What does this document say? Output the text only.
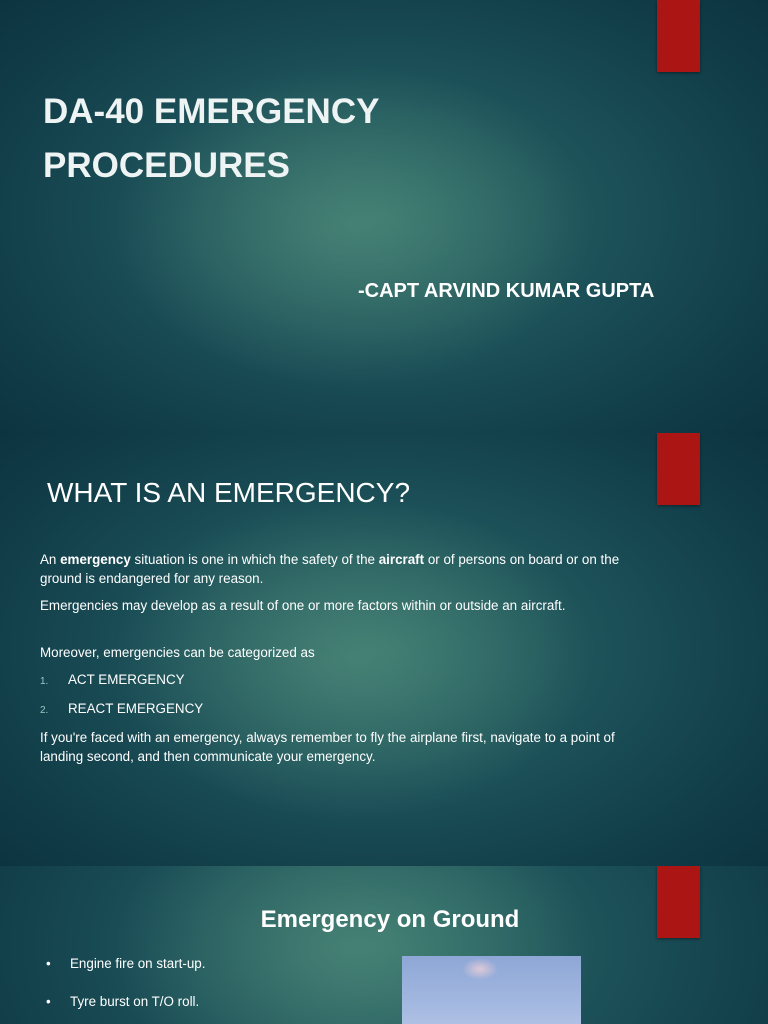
DA-40 EMERGENCY PROCEDURES
-CAPT ARVIND KUMAR GUPTA
WHAT IS AN EMERGENCY?

An emergency situation is one in which the safety of the aircraft or of persons on board or on the ground is endangered for any reason.

Emergencies may develop as a result of one or more factors within or outside an aircraft.

Moreover, emergencies can be categorized as

1.	ACT EMERGENCY
2.	REACT EMERGENCY

If you're faced with an emergency, always remember to fly the airplane first, navigate to a point of landing second, and then communicate your emergency.

Emergency on Ground
•	Engine fire on start-up.
•	Tyre burst on T/O roll.
